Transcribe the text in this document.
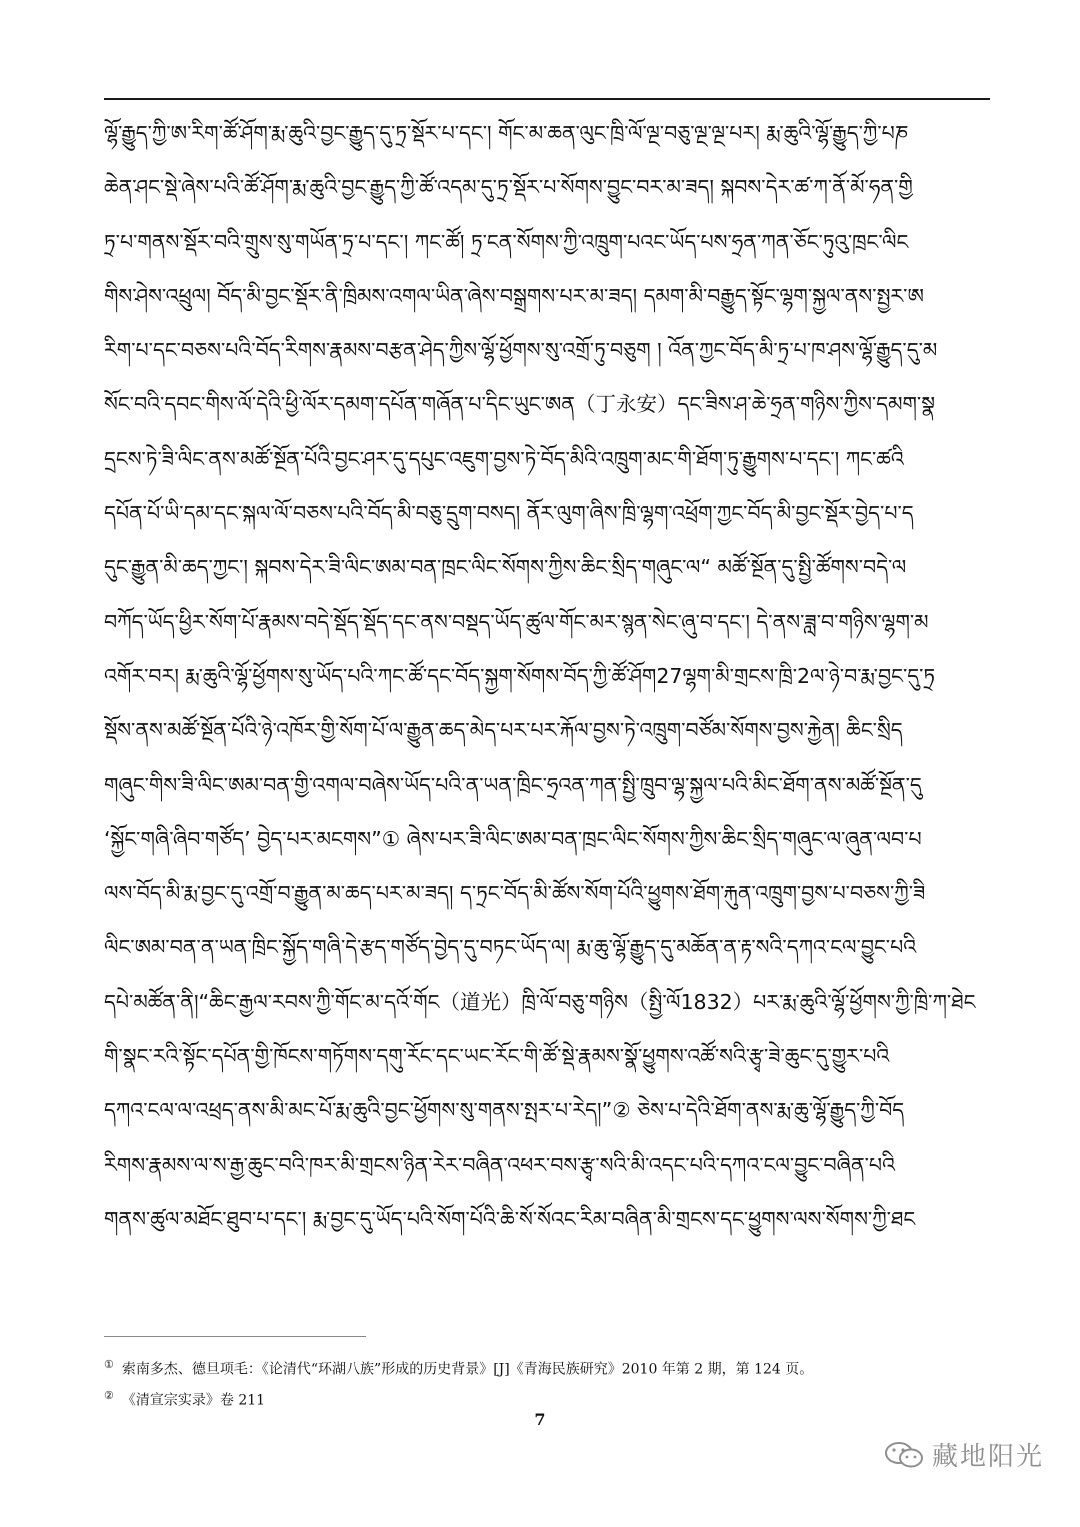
ལྷོ་རྒྱུད་ཀྱི་ཨ་རིག་ཚོ་ཤོག་རྨ་ཆུའི་བྱང་རྒྱུད་དུ་ཏྲ་སྡོར་པ་དང་། གོང་མ་ཆན་ལུང་ཁྲི་ལོ་ལྔ་བཅུ་ལྔ་ལྔ་པར། རྨ་ཆུའི་ལྷོ་རྒྱུད་ཀྱི་པཎ
ཆེན་ཤང་སྡེ་ཞེས་པའི་ཚོ་ཤོག་རྨ་ཆུའི་བྱང་རྒྱུད་ཀྱི་ཚོ་འདམ་དུ་ཏྲ་སྡོར་པ་སོགས་བྱུང་བར་མ་ཟད། སྐབས་དེར་ཚ་ཀ་ནོ་མོ་ཧན་གྱི
ཏྲ་པ་གནས་སྡོར་བའི་གྲུས་སུ་གཡོན་ཏྲ་པ་དང་། ཀང་ཚོ། ཏྲ་ངན་སོགས་ཀྱི་འཁྲུག་པའང་ཡོད་པས་ཧྲན་ཀན་ཅོང་ཏུའུ་ཁྲང་ལིང
གིས་ཤེས་འཕྲུལ། བོད་མི་བྱང་སྡོར་ནི་ཁྲིམས་འགལ་ཡིན་ཞེས་བསྒྲགས་པར་མ་ཟད། དམག་མི་བརྒྱུད་སྟོང་ལྷག་སྐྱལ་ནས་སྤྱར་ཨ
རིག་པ་དང་བཅས་པའི་བོད་རིགས་རྣམས་བརྩན་ཤེད་ཀྱིས་ལྷོ་ཕྱོགས་སུ་འགྲོ་ཏུ་བཅུག ། འོན་ཀྱང་བོད་མི་ཏྲ་པ་ཁ་ཤས་ལྷོ་རྒྱུད་དུ་མ
སོང་བའི་དབང་གིས་ལོ་དེའི་ཕྱི་ལོར་དམག་དཔོན་གཞོན་པ་དིང་ཡུང་ཨན（丁永安）དང་ཟིས་ཤ་ཆེ་ཧྲན་གཉིས་ཀྱིས་དམག་སྣ
དྲངས་ཏེ་ཟི་ལིང་ནས་མཚོ་སྔོན་པོའི་བྱང་ཤར་དུ་དཔུང་འཇུག་བྱས་ཏེ་བོད་མིའི་འཁྲུག་མང་གི་ཐོག་ཏུ་རྒྱུགས་པ་དང་། ཀང་ཚའི
དཔོན་པོ་ཡི་དམ་དང་སྐལ་ལོ་བཅས་པའི་བོད་མི་བཅུ་དྲུག་བསད། ནོར་ལུག་ཞིས་ཁྲི་ལྷག་འཕྲོག་ཀྱང་བོད་མི་བྱང་སྡོར་བྱེད་པ་ད
དུང་རྒྱུན་མི་ཆད་ཀྱང་། སྐབས་དེར་ཟི་ལིང་ཨམ་བན་ཁྲང་ལིང་སོགས་ཀྱིས་ཆིང་སྲིད་གཞུང་ལ“ མཚོ་སྔོན་དུ་སྤྱི་ཚོགས་བདེ་ལ
བཀོད་ཡོད་ཕྱིར་སོག་པོ་རྣམས་བདེ་སྡོད་སྡོད་དང་ནས་བསྡད་ཡོད་ཚུལ་གོང་མར་སྙན་སེང་ཞུ་བ་དང་། དེ་ནས་ཟླ་བ་གཉིས་ལྷག་མ
འགོར་བར། རྨ་ཆུའི་ལྷོ་ཕྱོགས་སུ་ཡོད་པའི་ཀང་ཚོ་དང་བོད་སྐྱག་སོགས་བོད་ཀྱི་ཚོ་ཤོག27ལྷག་མི་གྲངས་ཁྲི་2ལ་ཉེ་བ་རྨ་བྱང་དུ་ཏྲ
སྡོས་ནས་མཚོ་སྔོན་པོའི་ཉེ་འཁོར་གྱི་སོག་པོ་ལ་རྒྱུན་ཆད་མེད་པར་པར་རྐོལ་བྱས་ཏེ་འཁྲུག་བཙོམ་སོགས་བྱས་རྐྱེན། ཆིང་སྲིད
གཞུང་གིས་ཟི་ལིང་ཨམ་བན་གྱི་འགལ་བཞེས་ཡོད་པའི་ན་ཡན་ཁྲིང་ཧྲའན་ཀན་སྤྱི་ཁྲུབ་ལྷ་སྐྱལ་པའི་མིང་ཐོག་ནས་མཚོ་སྔོན་དུ
‘སྐྱོང་གཞི་ཞིབ་གཙོད’ བྱེད་པར་མངགས”① ཞེས་པར་ཟི་ལིང་ཨམ་བན་ཁྲང་ལིང་སོགས་ཀྱིས་ཆིང་སྲིད་གཞུང་ལ་ཞུན་ལབ་པ
ལས་བོད་མི་རྨ་བྱང་དུ་འགྲོ་བ་རྒྱུན་མ་ཆད་པར་མ་ཟད། ད་ཏྲང་བོད་མི་ཚོས་སོག་པོའི་ཕྱུགས་ཐོག་རྐུན་འཁྲུག་བྱས་པ་བཅས་ཀྱི་ཟི
ལིང་ཨམ་བན་ན་ཡན་ཁྲིང་སྐྱོད་གཞི་དེ་རྩད་གཙོད་བྱེད་དུ་བཏང་ཡོད་ལ། རྨ་ཆུ་ལྷོ་རྒྱུད་དུ་མཆོན་ན་རྟ་སའི་དཀའ་ངལ་བྱུང་པའི
དཔེ་མཚོན་ནི།“ཆིང་རྒྱལ་རབས་ཀྱི་གོང་མ་དའོ་གོང（道光）ཁྲི་ལོ་བཅུ་གཉིས（སྤྱི་ལོ1832）པར་རྨ་ཆུའི་ལྷོ་ཕྱོགས་ཀྱི་ཁྲི་ཀ་ཐེང
གི་སྣང་རའི་སྟོང་དཔོན་གྱི་ཁོངས་གཏོགས་དགུ་རོང་དང་ཡང་རོང་གི་ཚོ་སྡེ་རྣམས་སྣོ་ཕྱུགས་འཚོ་སའི་རྩྭ་ཟེ་ཆུང་དུ་གྱུར་པའི
དཀའ་ངལ་ལ་འཕྲད་ནས་མི་མང་པོ་རྨ་ཆུའི་བྱང་ཕྱོགས་སུ་གནས་སྤར་པ་རེད།”② ཅེས་པ་དེའི་ཐོག་ནས་རྨ་ཆུ་ལྷོ་རྒྱུད་ཀྱི་བོད
རིགས་རྣམས་ལ་ས་རྒྱ་ཆུང་བའི་ཁར་མི་གྲངས་ཉིན་རེར་བཞིན་འཕར་བས་རྩྭ་སའི་མི་འདང་པའི་དཀའ་ངལ་བྱུང་བཞིན་པའི
གནས་ཚུལ་མཐོང་ཐུབ་པ་དང་། རྨ་བྱང་དུ་ཡོད་པའི་སོག་པོའི་ཆི་སོ་སོའང་རིམ་བཞིན་མི་གྲངས་དང་ཕྱུགས་ལས་སོགས་ཀྱི་ཐང
① 索南多杰、德旦项毛：《论清代“环湖八族”形成的历史背景》[J]《青海民族研究》2010 年第 2 期，第 124 页。
② 《清宣宗实录》卷 211
7
藏地阳光
